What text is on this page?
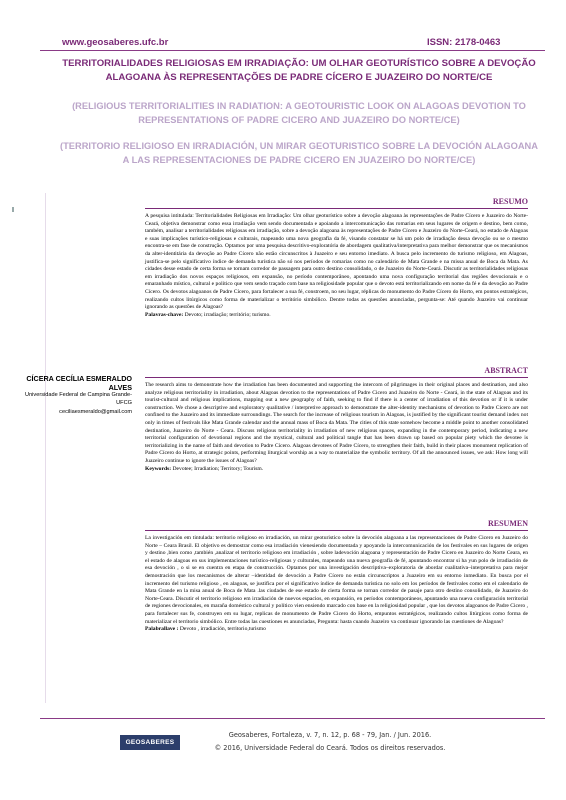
www.geosaberes.ufc.br	ISSN: 2178-0463
TERRITORIALIDADES RELIGIOSAS EM IRRADIAÇÃO: UM OLHAR GEOTURÍSTICO SOBRE A DEVOÇÃO ALAGOANA ÀS REPRESENTAÇÕES DE PADRE CÍCERO E JUAZEIRO DO NORTE/CE
(RELIGIOUS TERRITORIALITIES IN RADIATION: A GEOTOURISTIC LOOK ON ALAGOAS DEVOTION TO REPRESENTATIONS OF PADRE CICERO AND JUAZEIRO DO NORTE/CE)
(TERRITORIO RELIGIOSO EN IRRADIACIÓN, UN MIRAR GEOTURISTICO SOBRE LA DEVOCIÓN ALAGOANA A LAS REPRESENTACIONES DE PADRE CICERO EN JUAZEIRO DO NORTE/CE)
RESUMO
A pesquisa intitulada: Territorialidades Religiosas em Irradiação: Um olhar geoturístico sobre a devoção alagoana às representações de Padre Cícero e Juazeiro do Norte-Ceará, objetiva demonstrar como essa irradiação vem sendo documentada e apoiando a intercomunicação das romarias em seus lugares de origem e destino, bem como, também, analisar a territorialidades religiosas em irradiação, sobre a devoção alagoana às representações de Padre Cícero e Juazeiro do Norte-Ceará, no estado de Alagoas e suas implicações turístico-religiosas e culturais, mapeando uma nova geografia da fé, visando constatar se há um polo de irradiação dessa devoção ou se o mesmo encontra-se em fase de construção. Optamos por uma pesquisa descritivo-exploratória de abordagem qualitativa/interpretativa para melhor demonstrar que os mecanismos da alter-identitária da devoção ao Padre Cícero não estão circunscritos à Juazeiro e seu entorno imediato. A busca pelo incremento do turismo religioso, em Alagoas, justifica-se pelo significativo índice de demanda turística não só nos períodos de romarias como no calendário de Mata Grande e na missa anual de Boca da Mata. As cidades desse estado de certa forma se tornam corredor de passagem para outro destino consolidado, o de Juazeiro do Norte-Ceará. Discutir as territorialidades religiosas em irradiação dos novos espaços religiosos, em expansão, no período contemporâneo, apontando uma nova configuração territorial das regiões devocionais e o emaranhado místico, cultural e político que vem sendo traçado com base na religiosidade popular que o devoto está territorializando em nome da fé e da devoção ao Padre Cícero. Os devotos alagoanos de Padre Cícero, para fortalecer a sua fé, constroem, no seu lugar, réplicas do monumento do Padre Cícero do Horto, em pontos estratégicos, realizando cultos litúrgicos como forma de materializar o território simbólico. Dentre todas as questões anunciadas, pergunta-se: Até quando Juazeiro vai continuar ignorando as questões de Alagoas?
Palavras-chave: Devoto; irradiação; território; turismo.
CÍCERA CECÍLIA ESMERALDO ALVES
Universidade Federal de Campina Grande-UFCG
ceciliaesmeraldo@gmail.com
ABSTRACT
The research aims to demonstrate how the irradiation has been documented and supporting the intercom of pilgrimages in their original places and destination, and also analyze religious territoriality in irradiation, about Alagoas devotion to the representations of Padre Cicero and Juazeiro do Norte - Ceará, in the state of Alagoas and its tourist-cultural and religious implications, mapping out a new geography of faith, seeking to find if there is a center of irradiation of this devotion or if it is under construction. We chose a descriptive and exploratory qualitative / interpretive approach to demonstrate the alter-identity mechanisms of devotion to Padre Cicero are not confined to the Juazeiro and its immediate surroundings. The search for the increase of religious tourism in Alagoas, is justified by the significant tourist demand index not only in times of festivals like Mata Grande calendar and the annual mass of Boca da Mata. The cities of this state somehow become a middle point to another consolidated destination, Juazeiro do Norte - Ceara. Discuss religious territoriality in irradiation of new religious spaces, expanding in the contemporary period, indicating a new territorial configuration of devotional regions and the mystical, cultural and political tangle that has been drawn up based on popular piety which the devotee is territorializing in the name of faith and devotion to Padre Cícero. Alagoas devotees of Padre Cícero, to strengthen their faith, build in their places monument replication of Padre Cícero do Horto, at strategic points, performing liturgical worship as a way to materialize the symbolic territory. Of all the announced issues, we ask: How long will Juazeiro continue to ignore the issues of Alagoas?
Keywords: Devotee; Irradiation; Territory; Tourism.
RESUMEN
La investigación em tintulada: territorio religioso en irradiación, un mirar geoturistico sobre la devoción alagoana a las representaciones de Padre Cicero en Juazeiro do Norte – Ceara Brasil. El objetivo es demostrar como esa irradiación vienesiendo documentada y apoyando la intercomunicación de los festivales en sus lugares de origen y destino ,bien como ,también ,analizar el territorio religioso em irradiación , sobre ladevoción alagoana y representación de Padre Cicero en Juazeiro do Norte Ceara, en el estado de alagoas en sus implementaciones turístico-religiosas y culturales, mapeando una nueva geografía de fé, apuntando encontrar si ha yun polo de irradiación de esa devoción , o si se en cuentra en etapa de construcción. Optamos por una investigación descriptiva–exploratoria de abordar cualitativa–interpretativa para mejor demostración que los mecanismos de alterar –identidad de devoción a Padre Cícero no están circunscriptos a Juazeiro em su entorno inmediato. En busca por el incremento del turismo religioso , en alagoas, se justifica por el significativo índice de demanda turística no solo em los períodos de festivales como em el calendario de Mata Grande en la misa anual de Boca de Mata .las ciudades de ese estado de cierta forma se tornan corredor de pasaje para otro destino consolidado, de Juazeiro do Norte-Ceara. Discutir el territorio religioso em irradiación de nuevos espacios, en expansión, en períodos contemporáneos, apuntando una nueva configuración territorial de regiones devocionales, en maraña doméstico cultural y político vien ensiendo marcado con base en la religiosidad popular , que los devotos alagoanos de Padre Cicero , para fortalecer sus fe, construyen em su lugar, replicas de monumento de Padre Cicero do Horto, empuntos estratégicos, realizando cultos litúrgicos como forma de materializar el territorio simbólico. Entre todas las cuestiones es anunciadas, Pregunta: hasta cuando Juazeiro va continuar ignorando las cuestiones de Alagoas?
Palabrallave : Devoto , irradiación, territorio,turismo
GEOSABERES
Geosaberes, Fortaleza, v. 7, n. 12, p. 68 - 79, Jan. / Jun. 2016.
© 2016, Universidade Federal do Ceará. Todos os direitos reservados.
